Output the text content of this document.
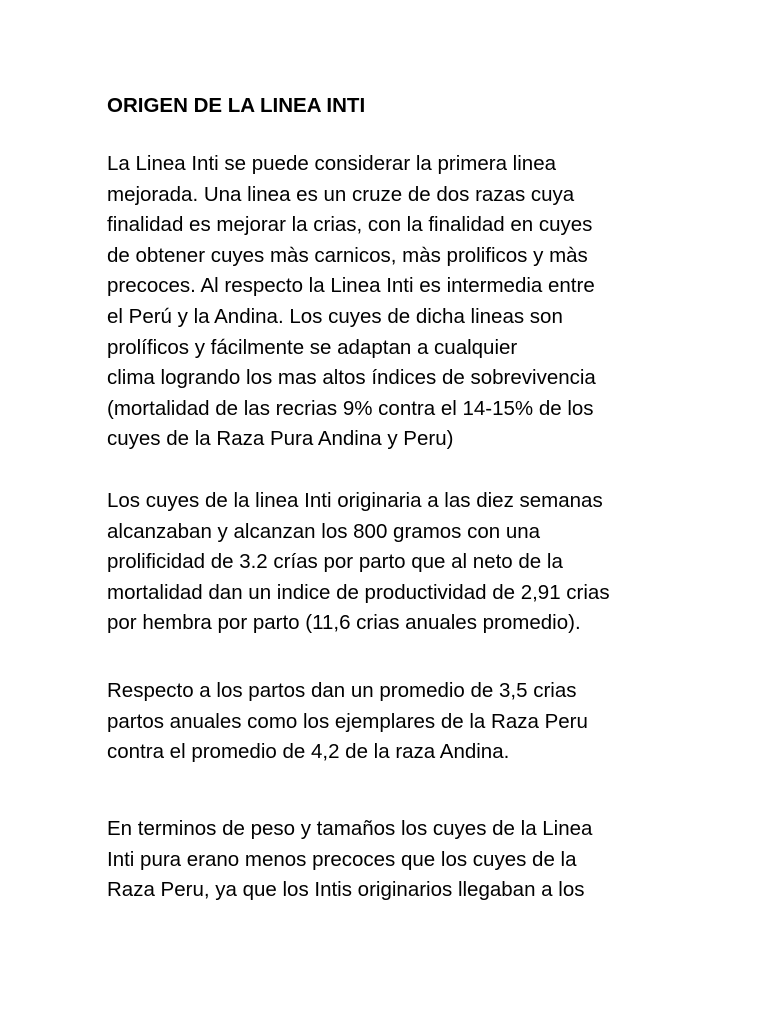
ORIGEN DE LA LINEA INTI

La Linea Inti se puede considerar la primera linea
mejorada. Una linea es un cruze de dos razas cuya
finalidad es mejorar la crias, con la finalidad en cuyes
de obtener cuyes màs carnicos, màs prolificos y màs
precoces. Al respecto la Linea Inti es intermedia entre
el Perú y la Andina. Los cuyes de dicha lineas son
prolíficos y fácilmente se adaptan a cualquier
clima logrando los mas altos índices de sobrevivencia
(mortalidad de las recrias 9% contra el 14-15% de los
cuyes de la Raza Pura Andina y Peru)

Los cuyes de la linea Inti originaria a las diez semanas
alcanzaban y alcanzan los 800 gramos con una
prolificidad de 3.2 crías por parto que al neto de la
mortalidad dan un indice de productividad de 2,91 crias
por hembra por parto (11,6 crias anuales promedio).

Respecto a los partos dan un promedio de 3,5 crias
partos anuales como los ejemplares de la Raza Peru
contra el promedio de 4,2 de la raza Andina.

En terminos de peso y tamaños los cuyes de la Linea
Inti pura erano menos precoces que los cuyes de la
Raza Peru, ya que los Intis originarios llegaban a los
